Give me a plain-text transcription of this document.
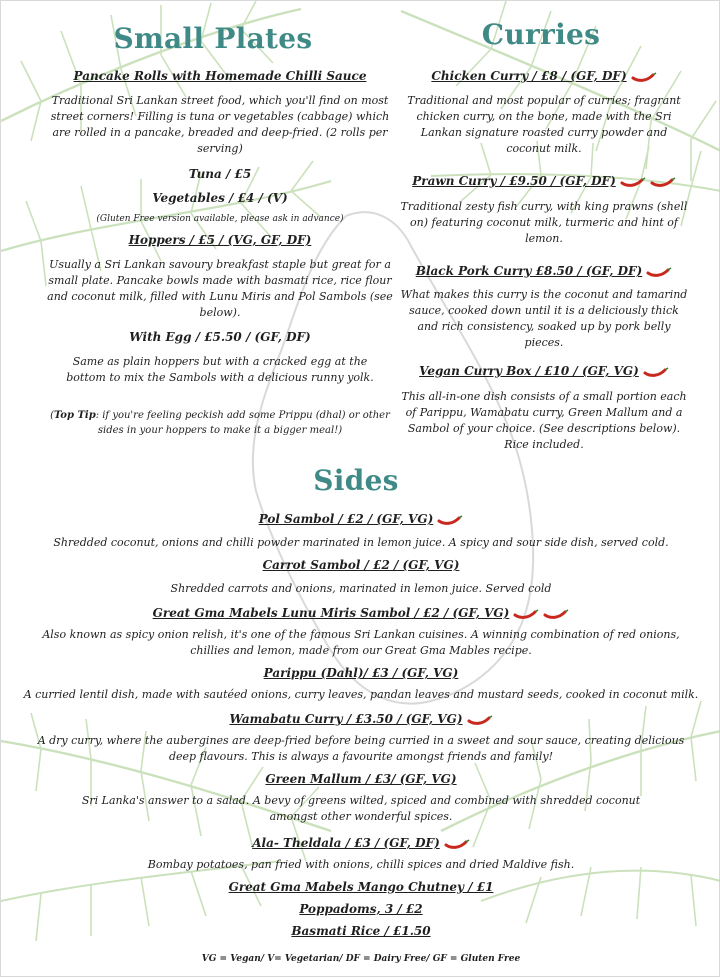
Small Plates	Curries

Pancake Rolls with Homemade Chilli Sauce

Traditional Sri Lankan street food, which you'll find on most street corners! Filling is tuna or vegetables (cabbage) which are rolled in a pancake, breaded and deep-fried. (2 rolls per serving)

Tuna / £5

Vegetables / £4 / (V)

(Gluten Free version available, please ask in advance)

Hoppers / £5 / (VG, GF, DF)

Usually a Sri Lankan savoury breakfast staple but great for a small plate. Pancake bowls made with basmati rice, rice flour and coconut milk, filled with Lunu Miris and Pol Sambols (see below).

With Egg / £5.50 / (GF, DF)

Same as plain hoppers but with a cracked egg at the bottom to mix the Sambols with a delicious runny yolk.

(Top Tip: if you're feeling peckish add some Prippu (dhal) or other sides in your hoppers to make it a bigger meal!)

Chicken Curry / £8 / (GF, DF)

Traditional and most popular of curries; fragrant chicken curry, on the bone, made with the Sri Lankan signature roasted curry powder and coconut milk.

Prawn Curry / £9.50 / (GF, DF)

Traditional zesty fish curry, with king prawns (shell on) featuring coconut milk, turmeric and hint of lemon.

Black Pork Curry £8.50 / (GF, DF)

What makes this curry is the coconut and tamarind sauce, cooked down until it is a deliciously thick and rich consistency, soaked up by pork belly pieces.

Vegan Curry Box / £10 / (GF, VG)

This all-in-one dish consists of a small portion each of Parippu, Wamabatu curry, Green Mallum and a Sambol of your choice. (See descriptions below). Rice included.

Sides

Pol Sambol / £2 / (GF, VG)

Shredded coconut, onions and chilli powder marinated in lemon juice. A spicy and sour side dish, served cold.

Carrot Sambol / £2 / (GF, VG)

Shredded carrots and onions, marinated in lemon juice. Served cold

Great Gma Mabels Lunu Miris Sambol / £2 / (GF, VG)

Also known as spicy onion relish, it's one of the famous Sri Lankan cuisines. A winning combination of red onions, chillies and lemon, made from our Great Gma Mables recipe.

Parippu (Dahl)/ £3 / (GF, VG)

A curried lentil dish, made with sautéed onions, curry leaves, pandan leaves and mustard seeds, cooked in coconut milk.

Wamabatu Curry / £3.50 / (GF, VG)

A dry curry, where the aubergines are deep-fried before being curried in a sweet and sour sauce, creating delicious deep flavours. This is always a favourite amongst friends and family!

Green Mallum / £3/ (GF, VG)

Sri Lanka's answer to a salad. A bevy of greens wilted, spiced and combined with shredded coconut amongst other wonderful spices.

Ala- Theldala / £3 / (GF, DF)

Bombay potatoes, pan fried with onions, chilli spices and dried Maldive fish.

Great Gma Mabels Mango Chutney / £1

Poppadoms, 3 / £2

Basmati Rice / £1.50

VG = Vegan/ V= Vegetarian/ DF = Dairy Free/ GF = Gluten Free
